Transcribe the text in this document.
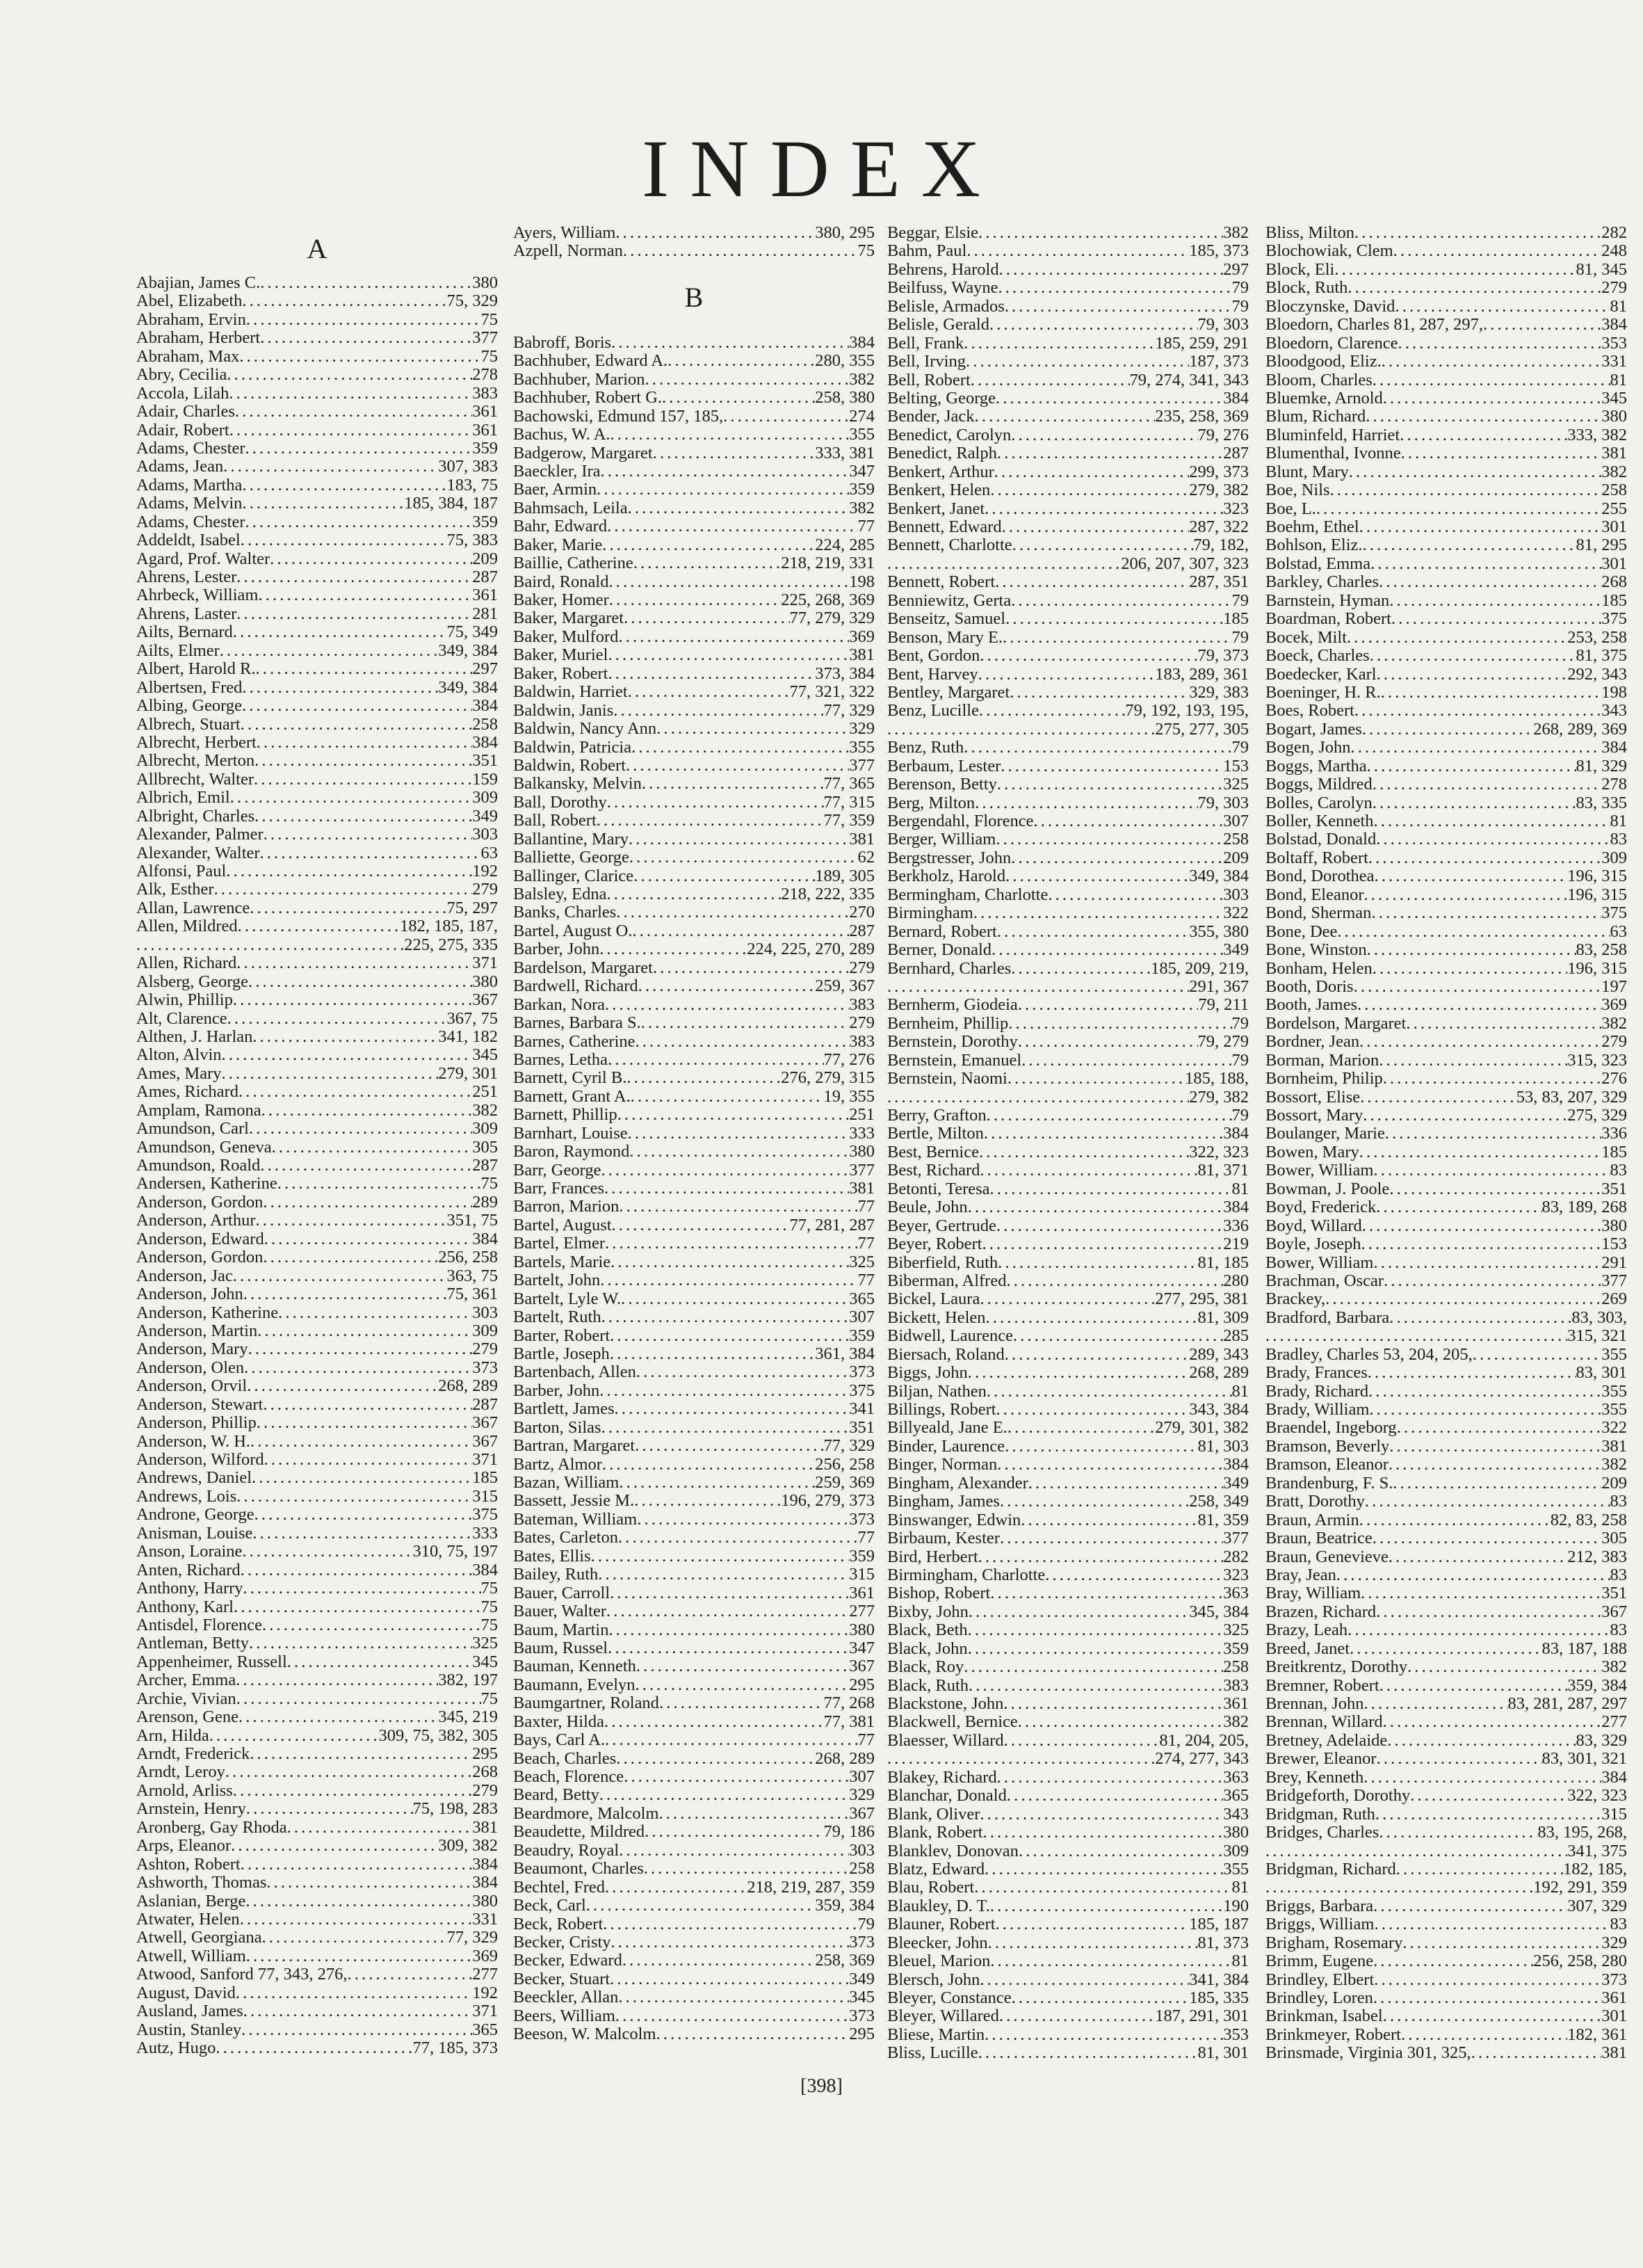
INDEX
A
Abajian, James C. . . .	380
Abel, Elizabeth . . .	75, 329
Abraham, Ervin . . .	75
Abraham, Herbert . . .	377
Abraham, Max . . .	75
Abry, Cecilia . . .	278
Accola, Lilah . . .	383
Adair, Charles . . .	361
Adair, Robert . . .	361
Adams, Chester . . .	359
Adams, Jean . . .	307, 383
Adams, Martha . . .	183, 75
Adams, Melvin . . .	185, 384, 187
Adams, Chester . . .	359
Addeldt, Isabel . . .	75, 383
Agard, Prof. Walter . . .	209
Ahrens, Lester . . .	287
Ahrbeck, William . . .	361
Ahrens, Laster . . .	281
Ailts, Bernard . . .	75, 349
Ailts, Elmer . . .	349, 384
Albert, Harold R. . . .	297
Albertsen, Fred . . .	349, 384
Albing, George . . .	384
Albrech, Stuart . . .	258
Albrecht, Herbert . . .	384
Albrecht, Merton . . .	351
Allbrecht, Walter . . .	159
Albrich, Emil . . .	309
Albright, Charles . . .	349
Alexander, Palmer . . .	303
Alexander, Walter . . .	63
Alfonsi, Paul . . .	192
Alk, Esther . . .	279
Allan, Lawrence . . .	75, 297
Allen, Mildred . . .	182, 185, 187,
. . .
225, 275, 335
Allen, Richard . . .	371
Alsberg, George . . .	380
Alwin, Phillip . . .	367
Alt, Clarence . . .	367, 75
Althen, J. Harlan . . .	341, 182
Alton, Alvin . . .	345
Ames, Mary . . .	279, 301
Ames, Richard . . .	251
Amplam, Ramona . . .	382
Amundson, Carl . . .	309
Amundson, Geneva . . .	305
Amundson, Roald . . .	287
Andersen, Katherine . . .	75
Anderson, Gordon . . .	289
Anderson, Arthur . . .	351, 75
Anderson, Edward . . .	384
Anderson, Gordon . . .	256, 258
Anderson, Jac . . .	363, 75
Anderson, John . . .	75, 361
Anderson, Katherine . . .	303
Anderson, Martin . . .	309
Anderson, Mary . . .	279
Anderson, Olen . . .	373
Anderson, Orvil . . .	268, 289
Anderson, Stewart . . .	287
Anderson, Phillip . . .	367
Anderson, W. H. . . .	367
Anderson, Wilford . . .	371
Andrews, Daniel . . .	185
Andrews, Lois . . .	315
Androne, George . . .	375
Anisman, Louise . . .	333
Anson, Loraine . . .	310, 75, 197
Anten, Richard . . .	384
Anthony, Harry . . .	75
Anthony, Karl . . .	75
Antisdel, Florence . . .	75
Antleman, Betty . . .	325
Appenheimer, Russell . . .	345
Archer, Emma . . .	382, 197
Archie, Vivian . . .	75
Arenson, Gene . . .	345, 219
Arn, Hilda . . .	309, 75, 382, 305
Arndt, Frederick . . .	295
Arndt, Leroy . . .	268
Arnold, Arliss . . .	279
Arnstein, Henry . . .	75, 198, 283
Aronberg, Gay Rhoda . . .	381
Arps, Eleanor . . .	309, 382
Ashton, Robert . . .	384
Ashworth, Thomas . . .	384
Aslanian, Berge . . .	380
Atwater, Helen . . .	331
Atwell, Georgiana . . .	77, 329
Atwell, William . . .	369
Atwood, Sanford 77, 343, 276, . . .	277
August, David . . .	192
Ausland, James . . .	371
Austin, Stanley . . .	365
Autz, Hugo . . .	77, 185, 373
Ayers, William . . .	380, 295
Azpell, Norman . . .	75
B
Babroff, Boris . . .	384
Bachhuber, Edward A. . . .	280, 355
Bachhuber, Marion . . .	382
Bachhuber, Robert G. . . .	258, 380
Bachowski, Edmund 157, 185, . . .	274
Bachus, W. A. . . .	355
Badgerow, Margaret . . .	333, 381
Baeckler, Ira . . .	347
Baer, Armin . . .	359
Bahmsach, Leila . . .	382
Bahr, Edward . . .	77
Baker, Marie . . .	224, 285
Baillie, Catherine . . .	218, 219, 331
Baird, Ronald . . .	198
Baker, Homer . . .	225, 268, 369
Baker, Margaret . . .	77, 279, 329
Baker, Mulford . . .	369
Baker, Muriel . . .	381
Baker, Robert . . .	373, 384
Baldwin, Harriet . . .	77, 321, 322
Baldwin, Janis . . .	77, 329
Baldwin, Nancy Ann . . .	329
Baldwin, Patricia . . .	355
Baldwin, Robert . . .	377
Balkansky, Melvin . . .	77, 365
Ball, Dorothy . . .	77, 315
Ball, Robert . . .	77, 359
Ballantine, Mary . . .	381
Balliette, George . . .	62
Ballinger, Clarice . . .	189, 305
Balsley, Edna . . .	218, 222, 335
Banks, Charles . . .	270
Bartel, August O. . . .	287
Barber, John . . .	224, 225, 270, 289
Bardelson, Margaret . . .	279
Bardwell, Richard . . .	259, 367
Barkan, Nora . . .	383
Barnes, Barbara S. . . .	279
Barnes, Catherine . . .	383
Barnes, Letha . . .	77, 276
Barnett, Cyril B. . . .	276, 279, 315
Barnett, Grant A. . . .	19, 355
Barnett, Phillip . . .	251
Barnhart, Louise . . .	333
Baron, Raymond . . .	380
Barr, George . . .	377
Barr, Frances . . .	381
Barron, Marion . . .	77
Bartel, August . . .	77, 281, 287
Bartel, Elmer . . .	77
Bartels, Marie . . .	325
Bartelt, John . . .	77
Bartelt, Lyle W. . . .	365
Bartelt, Ruth . . .	307
Barter, Robert . . .	359
Bartle, Joseph . . .	361, 384
Bartenbach, Allen . . .	373
Barber, John . . .	375
Bartlett, James . . .	341
Barton, Silas . . .	351
Bartran, Margaret . . .	77, 329
Bartz, Almor . . .	256, 258
Bazan, William . . .	259, 369
Bassett, Jessie M. . . .	196, 279, 373
Bateman, William . . .	373
Bates, Carleton . . .	77
Bates, Ellis . . .	359
Bailey, Ruth . . .	315
Bauer, Carroll . . .	361
Bauer, Walter . . .	277
Baum, Martin . . .	380
Baum, Russel . . .	347
Bauman, Kenneth . . .	367
Baumann, Evelyn . . .	295
Baumgartner, Roland . . .	77, 268
Baxter, Hilda . . .	77, 381
Bays, Carl A. . . .	77
Beach, Charles . . .	268, 289
Beach, Florence . . .	307
Beard, Betty . . .	329
Beardmore, Malcolm . . .	367
Beaudette, Mildred . . .	79, 186
Beaudry, Royal . . .	303
Beaumont, Charles . . .	258
Bechtel, Fred . . .	218, 219, 287, 359
Beck, Carl . . .	359, 384
Beck, Robert . . .	79
Becker, Cristy . . .	373
Becker, Edward . . .	258, 369
Becker, Stuart . . .	349
Beeckler, Allan . . .	345
Beers, William . . .	373
Beeson, W. Malcolm . . .	295
Beggar, Elsie . . .	382
Bahm, Paul . . .	185, 373
Behrens, Harold . . .	297
Beilfuss, Wayne . . .	79
Belisle, Armados . . .	79
Belisle, Gerald . . .	79, 303
Bell, Frank . . .	185, 259, 291
Bell, Irving . . .	187, 373
Bell, Robert . . .	79, 274, 341, 343
Belting, George . . .	384
Bender, Jack . . .	235, 258, 369
Benedict, Carolyn . . .	79, 276
Benedict, Ralph . . .	287
Benkert, Arthur . . .	299, 373
Benkert, Helen . . .	279, 382
Benkert, Janet . . .	323
Bennett, Edward . . .	287, 322
Bennett, Charlotte . . .	79, 182,
. . .
206, 207, 307, 323
Bennett, Robert . . .	287, 351
Benniewitz, Gerta . . .	79
Benseitz, Samuel . . .	185
Benson, Mary E. . . .	79
Bent, Gordon . . .	79, 373
Bent, Harvey . . .	183, 289, 361
Bentley, Margaret . . .	329, 383
Benz, Lucille . . .	79, 192, 193, 195,
. . .
275, 277, 305
Benz, Ruth . . .	79
Berbaum, Lester . . .	153
Berenson, Betty . . .	325
Berg, Milton . . .	79, 303
Bergendahl, Florence . . .	307
Berger, William . . .	258
Bergstresser, John . . .	209
Berkholz, Harold . . .	349, 384
Bermingham, Charlotte . . .	303
Birmingham . . .	322
Bernard, Robert . . .	355, 380
Berner, Donald . . .	349
Bernhard, Charles . . .	185, 209, 219,
. . .
291, 367
Bernherm, Giodeia . . .	79, 211
Bernheim, Phillip . . .	79
Bernstein, Dorothy . . .	79, 279
Bernstein, Emanuel . . .	79
Bernstein, Naomi . . .	185, 188,
. . .
279, 382
Berry, Grafton . . .	79
Bertle, Milton . . .	384
Best, Bernice . . .	322, 323
Best, Richard . . .	81, 371
Betonti, Teresa . . .	81
Beule, John . . .	384
Beyer, Gertrude . . .	336
Beyer, Robert . . .	219
Biberfield, Ruth . . .	81, 185
Biberman, Alfred . . .	280
Bickel, Laura . . .	277, 295, 381
Bickett, Helen . . .	81, 309
Bidwell, Laurence . . .	285
Biersach, Roland . . .	289, 343
Biggs, John . . .	268, 289
Biljan, Nathen . . .	81
Billings, Robert . . .	343, 384
Billyeald, Jane E. . . .	279, 301, 382
Binder, Laurence . . .	81, 303
Binger, Norman . . .	384
Bingham, Alexander . . .	349
Bingham, James . . .	258, 349
Binswanger, Edwin . . .	81, 359
Birbaum, Kester . . .	377
Bird, Herbert . . .	282
Birmingham, Charlotte . . .	323
Bishop, Robert . . .	363
Bixby, John . . .	345, 384
Black, Beth . . .	325
Black, John . . .	359
Black, Roy . . .	258
Black, Ruth . . .	383
Blackstone, John . . .	361
Blackwell, Bernice . . .	382
Blaesser, Willard . . .	81, 204, 205,
. . .
274, 277, 343
Blakey, Richard . . .	363
Blanchar, Donald . . .	365
Blank, Oliver . . .	343
Blank, Robert . . .	380
Blanklev, Donovan . . .	309
Blatz, Edward . . .	355
Blau, Robert . . .	81
Blaukley, D. T. . . .	190
Blauner, Robert . . .	185, 187
Bleecker, John . . .	81, 373
Bleuel, Marion . . .	81
Blersch, John . . .	341, 384
Bleyer, Constance . . .	185, 335
Bleyer, Willared . . .	187, 291, 301
Bliese, Martin . . .	353
Bliss, Lucille . . .	81, 301
Bliss, Milton . . .	282
Blochowiak, Clem . . .	248
Block, Eli . . .	81, 345
Block, Ruth . . .	279
Bloczynske, David . . .	81
Bloedorn, Charles 81, 287, 297, . . .	384
Bloedorn, Clarence . . .	353
Bloodgood, Eliz. . . .	331
Bloom, Charles . . .	81
Bluemke, Arnold . . .	345
Blum, Richard . . .	380
Bluminfeld, Harriet . . .	333, 382
Blumenthal, Ivonne . . .	381
Blunt, Mary . . .	382
Boe, Nils . . .	258
Boe, L. . . .	255
Boehm, Ethel . . .	301
Bohlson, Eliz. . . .	81, 295
Bolstad, Emma . . .	301
Barkley, Charles . . .	268
Barnstein, Hyman . . .	185
Boardman, Robert . . .	375
Bocek, Milt . . .	253, 258
Boeck, Charles . . .	81, 375
Boedecker, Karl . . .	292, 343
Boeninger, H. R. . . .	198
Boes, Robert . . .	343
Bogart, James . . .	268, 289, 369
Bogen, John . . .	384
Boggs, Martha . . .	81, 329
Boggs, Mildred . . .	278
Bolles, Carolyn . . .	83, 335
Boller, Kenneth . . .	81
Bolstad, Donald . . .	83
Boltaff, Robert . . .	309
Bond, Dorothea . . .	196, 315
Bond, Eleanor . . .	196, 315
Bond, Sherman . . .	375
Bone, Dee . . .	63
Bone, Winston . . .	83, 258
Bonham, Helen . . .	196, 315
Booth, Doris . . .	197
Booth, James . . .	369
Bordelson, Margaret . . .	382
Bordner, Jean . . .	279
Borman, Marion . . .	315, 323
Bornheim, Philip . . .	276
Bossort, Elise . . .	53, 83, 207, 329
Bossort, Mary . . .	275, 329
Boulanger, Marie . . .	336
Bowen, Mary . . .	185
Bower, William . . .	83
Bowman, J. Poole . . .	351
Boyd, Frederick . . .	83, 189, 268
Boyd, Willard . . .	380
Boyle, Joseph . . .	153
Bower, William . . .	291
Brachman, Oscar . . .	377
Brackey, . . .	269
Bradford, Barbara . . .	83, 303,
. . .
315, 321
Bradley, Charles 53, 204, 205, . . .	355
Brady, Frances . . .	83, 301
Brady, Richard . . .	355
Brady, William . . .	355
Braendel, Ingeborg . . .	322
Bramson, Beverly . . .	381
Bramson, Eleanor . . .	382
Brandenburg, F. S. . . .	209
Bratt, Dorothy . . .	83
Braun, Armin . . .	82, 83, 258
Braun, Beatrice . . .	305
Braun, Genevieve . . .	212, 383
Bray, Jean . . .	83
Bray, William . . .	351
Brazen, Richard . . .	367
Brazy, Leah . . .	83
Breed, Janet . . .	83, 187, 188
Breitkrentz, Dorothy . . .	382
Bremner, Robert . . .	359, 384
Brennan, John . . .	83, 281, 287, 297
Brennan, Willard . . .	277
Bretney, Adelaide . . .	83, 329
Brewer, Eleanor . . .	83, 301, 321
Brey, Kenneth . . .	384
Bridgeforth, Dorothy . . .	322, 323
Bridgman, Ruth . . .	315
Bridges, Charles . . .	83, 195, 268,
. . .
341, 375
Bridgman, Richard . . .	182, 185,
. . .
192, 291, 359
Briggs, Barbara . . .	307, 329
Briggs, William . . .	83
Brigham, Rosemary . . .	329
Brimm, Eugene . . .	256, 258, 280
Brindley, Elbert . . .	373
Brindley, Loren . . .	361
Brinkman, Isabel . . .	301
Brinkmeyer, Robert . . .	182, 361
Brinsmade, Virginia 301, 325, . . .	381
[398]
